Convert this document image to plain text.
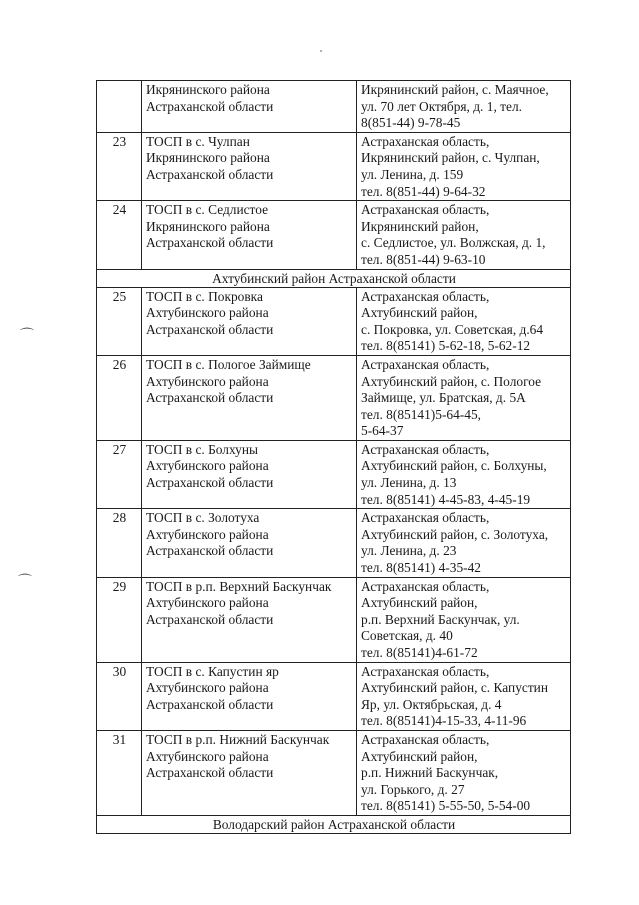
⌒
⌒

	Икрянинского района
Астраханской области	Икрянинский район, с. Маячное,
ул. 70 лет Октября, д. 1, тел.
8(851-44) 9-78-45

23	ТОСП в с. Чулпан
Икрянинского района
Астраханской области	Астраханская область,
Икрянинский район, с. Чулпан,
ул. Ленина, д. 159
тел. 8(851-44) 9-64-32

24	ТОСП в с. Седлистое
Икрянинского района
Астраханской области	Астраханская область,
Икрянинский район,
с. Седлистое, ул. Волжская, д. 1,
тел. 8(851-44) 9-63-10

Ахтубинский район Астраханской области		
25	ТОСП в с. Покровка
Ахтубинского района
Астраханской области	Астраханская область,
Ахтубинский район,
с. Покровка, ул. Советская, д.64
тел. 8(85141) 5-62-18, 5-62-12

26	ТОСП в с. Пологое Займище
Ахтубинского района
Астраханской области	Астраханская область,
Ахтубинский район, с. Пологое
Займище, ул. Братская, д. 5А
тел. 8(85141)5-64-45,
5-64-37

27	ТОСП в с. Болхуны
Ахтубинского района
Астраханской области	Астраханская область,
Ахтубинский район, с. Болхуны,
ул. Ленина, д. 13
тел. 8(85141) 4-45-83, 4-45-19

28	ТОСП в с. Золотуха
Ахтубинского района
Астраханской области	Астраханская область,
Ахтубинский район, с. Золотуха,
ул. Ленина, д. 23
тел. 8(85141) 4-35-42

29	ТОСП в р.п. Верхний Баскунчак
Ахтубинского района
Астраханской области	Астраханская область,
Ахтубинский район,
р.п. Верхний Баскунчак, ул.
Советская, д. 40
тел. 8(85141)4-61-72

30	ТОСП в с. Капустин яр
Ахтубинского района
Астраханской области	Астраханская область,
Ахтубинский район, с. Капустин
Яр, ул. Октябрьская, д. 4
тел. 8(85141)4-15-33, 4-11-96

31	ТОСП в р.п. Нижний Баскунчак
Ахтубинского района
Астраханской области	Астраханская область,
Ахтубинский район,
р.п. Нижний Баскунчак,
ул. Горького, д. 27
тел. 8(85141) 5-55-50, 5-54-00

Володарский район Астраханской области		
